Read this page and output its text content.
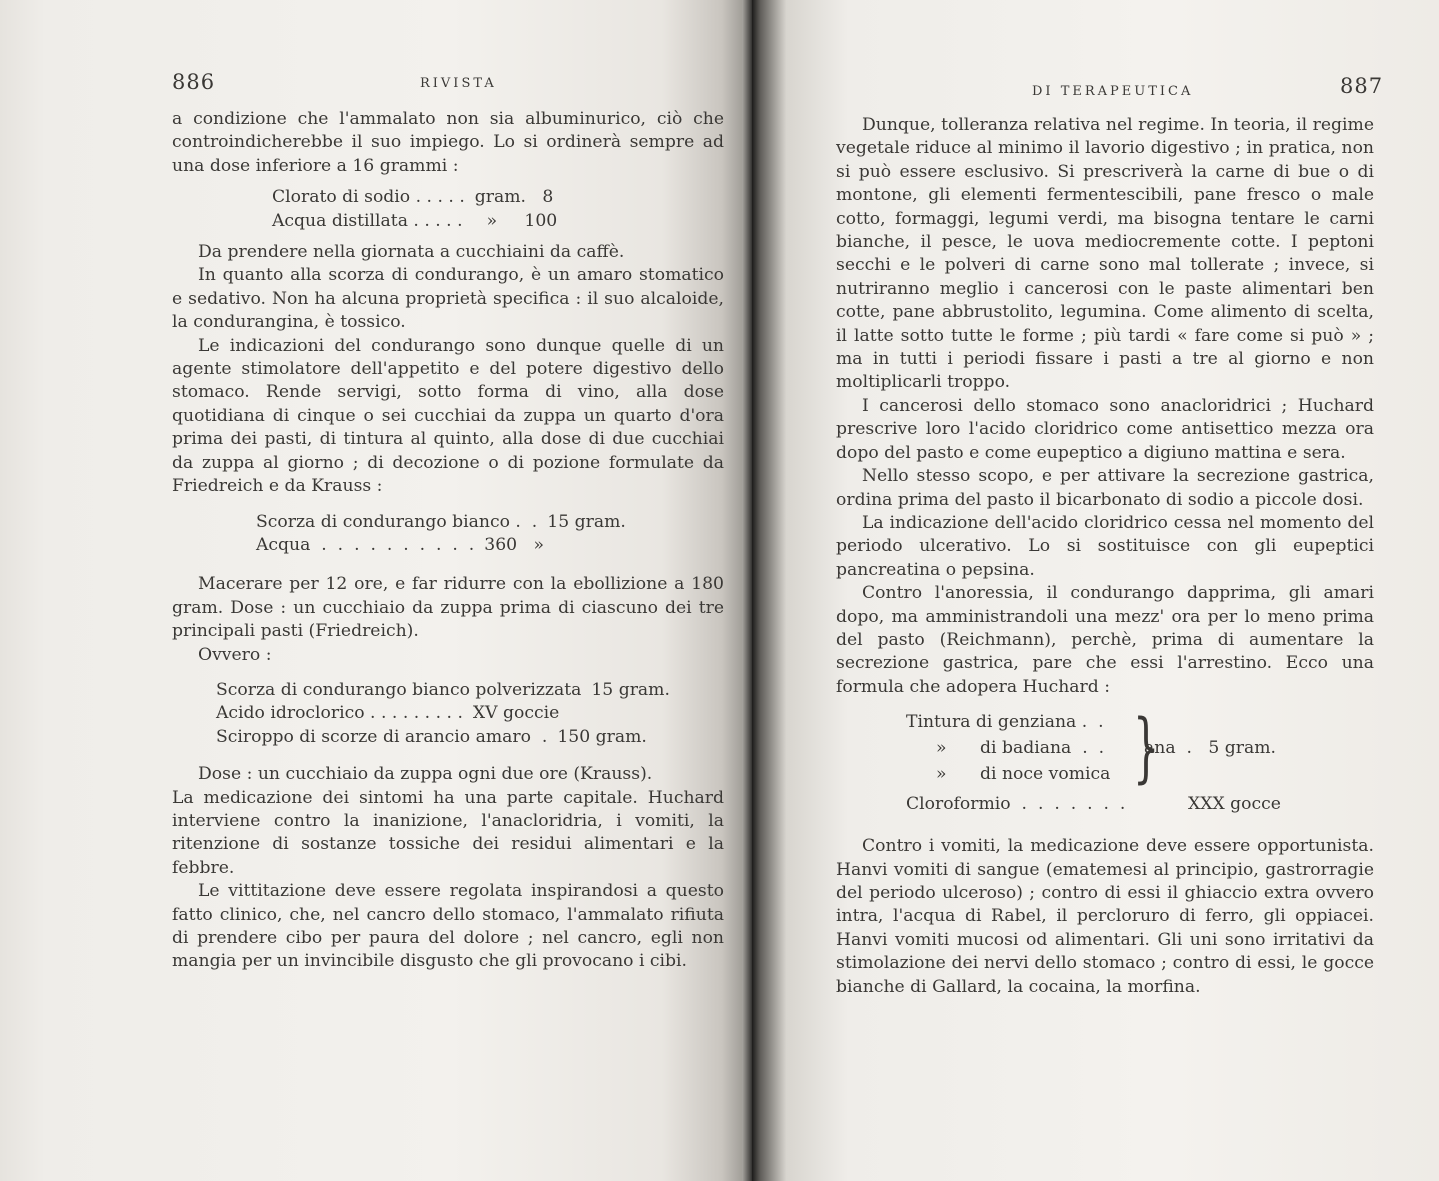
886	RIVISTA

a condizione che l'ammalato non sia albuminurico, ciò che controindicherebbe il suo impiego. Lo si ordinerà sempre ad una dose inferiore a 16 grammi :

Clorato di sodio . . . . . gram.   8
Acqua distillata . . . . . »     100

Da prendere nella giornata a cucchiaini da caffè.

In quanto alla scorza di condurango, è un amaro stomatico e sedativo. Non ha alcuna proprietà specifica : il suo alcaloide, la condurangina, è tossico.

Le indicazioni del condurango sono dunque quelle di un agente stimolatore dell'appetito e del potere digestivo dello stomaco. Rende servigi, sotto forma di vino, alla dose quotidiana di cinque o sei cucchiai da zuppa un quarto d'ora prima dei pasti, di tintura al quinto, alla dose di due cucchiai da zuppa al giorno ; di decozione o di pozione formulate da Friedreich e da Krauss :

Scorza di condurango bianco .  . 15 gram.
Acqua  .  .  .  .  .  .  .  .  .  . 360   »

Macerare per 12 ore, e far ridurre con la ebollizione a 180 gram. Dose : un cucchiaio da zuppa prima di ciascuno dei tre principali pasti (Friedreich).

Ovvero :

Scorza di condurango bianco polverizzata 15 gram.
Acido idroclorico . . . . . . . . . XV goccie
Sciroppo di scorze di arancio amaro  . 150 gram.

Dose : un cucchiaio da zuppa ogni due ore (Krauss).

La medicazione dei sintomi ha una parte capitale. Huchard interviene contro la inanizione, l'anacloridria, i vomiti, la ritenzione di sostanze tossiche dei residui alimentari e la febbre.

Le vittitazione deve essere regolata inspirandosi a questo fatto clinico, che, nel cancro dello stomaco, l'ammalato rifiuta di prendere cibo per paura del dolore ; nel cancro, egli non mangia per un invincibile disgusto che gli provocano i cibi.

DI TERAPEUTICA	887

Dunque, tolleranza relativa nel regime. In teoria, il regime vegetale riduce al minimo il lavorio digestivo ; in pratica, non si può essere esclusivo. Si prescriverà la carne di bue o di montone, gli elementi fermentescibili, pane fresco o male cotto, formaggi, legumi verdi, ma bisogna tentare le carni bianche, il pesce, le uova mediocremente cotte. I peptoni secchi e le polveri di carne sono mal tollerate ; invece, si nutriranno meglio i cancerosi con le paste alimentari ben cotte, pane abbrustolito, legumina. Come alimento di scelta, il latte sotto tutte le forme ; più tardi « fare come si può » ; ma in tutti i periodi fissare i pasti a tre al giorno e non moltiplicarli troppo.

I cancerosi dello stomaco sono anacloridrici ; Huchard prescrive loro l'acido cloridrico come antisettico mezza ora dopo del pasto e come eupeptico a digiuno mattina e sera.

Nello stesso scopo, e per attivare la secrezione gastrica, ordina prima del pasto il bicarbonato di sodio a piccole dosi.

La indicazione dell'acido cloridrico cessa nel momento del periodo ulcerativo. Lo si sostituisce con gli eupeptici pancreatina o pepsina.

Contro l'anoressia, il condurango dapprima, gli amari dopo, ma amministrandoli una mezz' ora per lo meno prima del pasto (Reichmann), perchè, prima di aumentare la secrezione gastrica, pare che essi l'arrestino. Ecco una formula che adopera Huchard :

Tintura di genziana .  .
» di badiana  .  .
» di noce vomica }
ana  .   5 gram.
Cloroformio  .  .  .  .  .  .  .	XXX gocce

Contro i vomiti, la medicazione deve essere opportunista. Hanvi vomiti di sangue (ematemesi al principio, gastrorragie del periodo ulceroso) ; contro di essi il ghiaccio extra ovvero intra, l'acqua di Rabel, il percloruro di ferro, gli oppiacei. Hanvi vomiti mucosi od alimentari. Gli uni sono irritativi da stimolazione dei nervi dello stomaco ; contro di essi, le gocce bianche di Gallard, la cocaina, la morfina.
